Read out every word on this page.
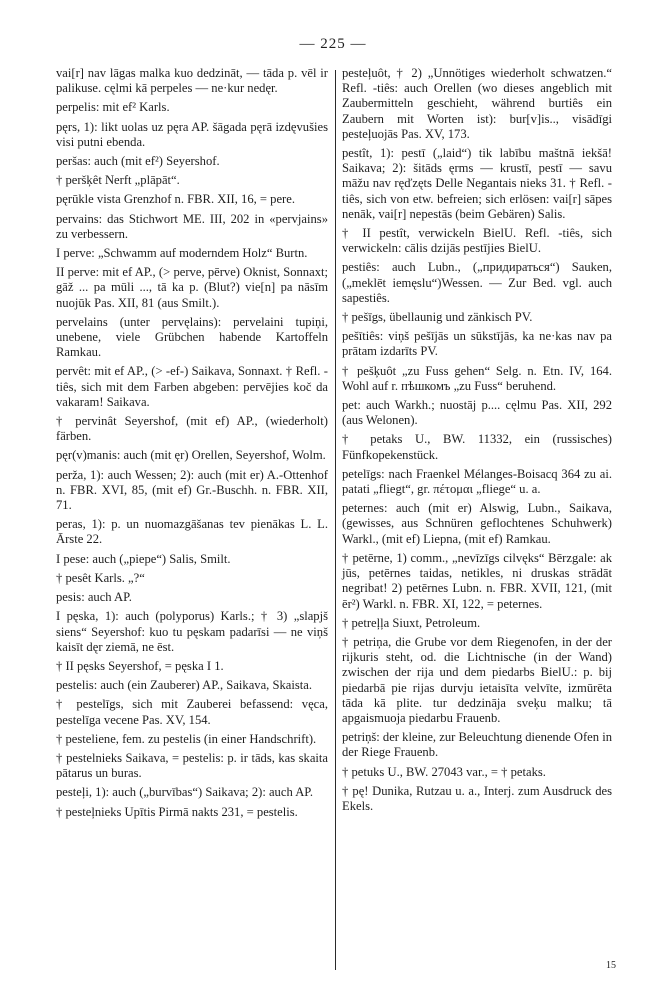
— 225 —

vai[r] nav lāgas malka kuo dedzināt, — tāda p. vēl ir palikuse. cęlmi kā perpeles — ne·kur nedęr.

perpelis: mit ef² Karls.

pęrs, 1): likt uolas uz pęra AP. šāgada pęrā izdęvušies visi putni ebenda.

peršas: auch (mit ef²) Seyershof.

† peršķêt Nerft „plāpāt“.

pęrūkle vista Grenzhof n. FBR. XII, 16, = pere.

pervains: das Stichwort ME. III, 202 in «pervjains» zu verbessern.

I perve: „Schwamm auf moderndem Holz“ Burtn.

II perve: mit ef AP., (> perve, pērve) Oknist, Sonnaxt; gāž ... pa mūli ..., tā ka p. (Blut?) vie[n] pa nāsīm nuojūk Pas. XII, 81 (aus Smilt.).

pervelains (unter pervęlains): pervelaini tupiņi, unebene, viele Grübchen habende Kartoffeln Ramkau.

pervêt: mit ef AP., (> -ef-) Saikava, Sonnaxt. † Refl. -tiês, sich mit dem Farben abgeben: pervējies koč da vakaram! Saikava.

† pervinât Seyershof, (mit ef) AP., (wiederholt) färben.

pęr(v)manis: auch (mit ęr) Orellen, Seyershof, Wolm.

perža, 1): auch Wessen; 2): auch (mit er) A.-Ottenhof n. FBR. XVI, 85, (mit ef) Gr.-Buschh. n. FBR. XII, 71.

peras, 1): p. un nuomazgāšanas tev pienākas L. L. Ārste 22.

I pese: auch („piepe“) Salis, Smilt.

† pesêt Karls. „?“

pesis: auch AP.

I pęska, 1): auch (polyporus) Karls.; † 3) „slapjš siens“ Seyershof: kuo tu pęskam padarīsi — ne viņš kaisīt dęr ziemā, ne ēst.

† II pęsks Seyershof, = pęska I 1.

pestelis: auch (ein Zauberer) AP., Saikava, Skaista.

† pestelīgs, sich mit Zauberei befassend: vęca, pestelīga vecene Pas. XV, 154.

† pesteliene, fem. zu pestelis (in einer Handschrift).

† pestelnieks Saikava, = pestelis: p. ir tāds, kas skaita pātarus un buras.

pesteļi, 1): auch („burvības“) Saikava; 2): auch AP.

† pesteļnieks Upītis Pirmā nakts 231, = pestelis.

pesteļuôt, † 2) „Unnötiges wiederholt schwatzen.“ Refl. -tiês: auch Orellen (wo dieses angeblich mit Zaubermitteln geschieht, während burtiês ein Zaubern mit Worten ist): bur[v]is.., visādīgi pesteļuojās Pas. XV, 173.

pestît, 1): pestī („laid“) tik labību maštnā iekšā! Saikava; 2): šitāds ęrms — krustī, pestī — savu māžu nav ręďzęts Delle Negantais nieks 31. † Refl. -tiês, sich von etw. befreien; sich erlösen: vai[r] sāpes nenāk, vai[r] nepestās (beim Gebären) Salis.

† II pestît, verwickeln BielU. Refl. -tiês, sich verwickeln: cālis dzijās pestījies BielU.

pestiês: auch Lubn., („придираться“) Sauken, („meklēt iemęslu“)Wessen. — Zur Bed. vgl. auch sapestiês.

† pešīgs, übellaunig und zänkisch PV.

pešītiês: viņš pešījās un sūkstījās, ka ne·kas nav pa prātam izdarīts PV.

† pešķuôt „zu Fuss gehen“ Selg. n. Etn. IV, 164. Wohl auf r. пѣшкомъ „zu Fuss“ beruhend.

pet: auch Warkh.; nuostāj p.... cęlmu Pas. XII, 292 (aus Welonen).

† petaks U., BW. 11332, ein (russisches) Fünfkopekenstück.

petelīgs: nach Fraenkel Mélanges-Boisacq 364 zu ai. patati „fliegt“, gr. πέτομαι „fliege“ u. a.

peternes: auch (mit er) Alswig, Lubn., Saikava, (gewisses, aus Schnüren geflochtenes Schuhwerk) Warkl., (mit ef) Liepna, (mit ef) Ramkau.

† petērne, 1) comm., „nevīzīgs cilvęks“ Bērzgale: ak jūs, petērnes taidas, netikles, ni druskas strādāt negribat! 2) petērnes Lubn. n. FBR. XVII, 121, (mit ēr²) Warkl. n. FBR. XI, 122, = peternes.

† petreļļa Siuxt, Petroleum.

† petriņa, die Grube vor dem Riegenofen, in der der rijkuris steht, od. die Lichtnische (in der Wand) zwischen der rija und dem piedarbs BielU.: p. bij piedarbā pie rijas durvju ietaisīta velvīte, izmūrēta tāda kā plite. tur dedzināja sveķu malku; tā apgaismuoja piedarbu Frauenb.

petriņš: der kleine, zur Beleuchtung dienende Ofen in der Riege Frauenb.

† petuks U., BW. 27043 var., = † petaks.

† pę! Dunika, Rutzau u. a., Interj. zum Ausdruck des Ekels.

15
